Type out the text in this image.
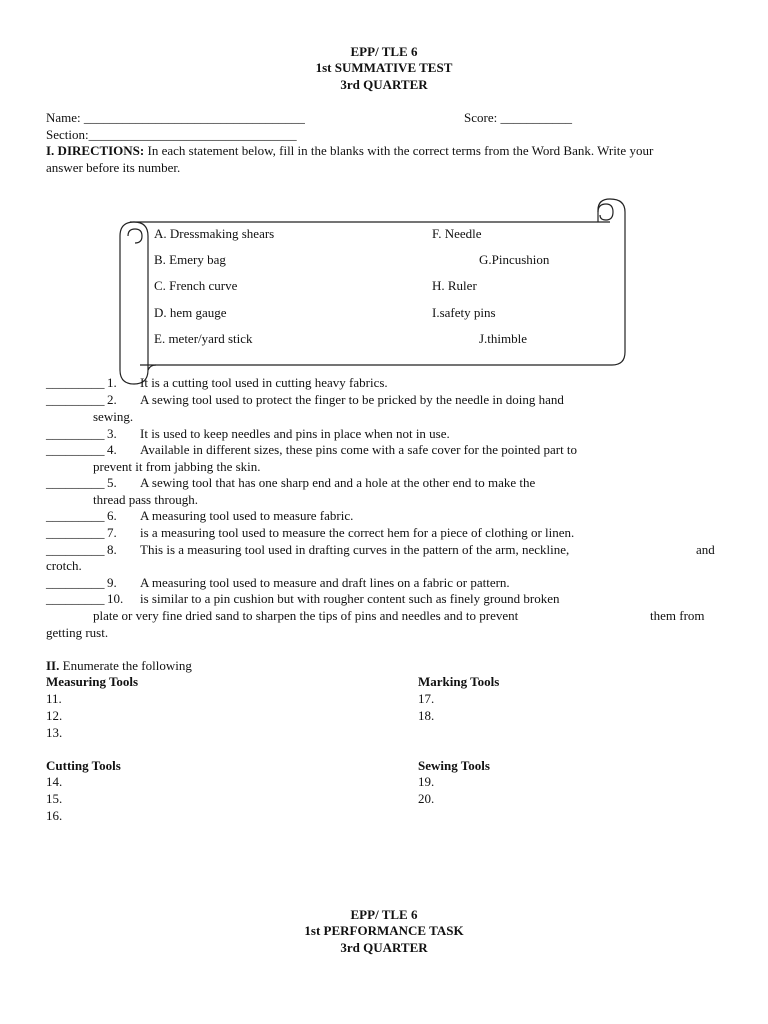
EPP/ TLE 6
1st SUMMATIVE TEST
3rd QUARTER
Name: __________________________________	Score: ___________
Section:________________________________
I. DIRECTIONS: In each statement below, fill in the blanks with the correct terms from the Word Bank. Write your
answer before its number.
A. Dressmaking shears
B. Emery bag
C. French curve
D. hem gauge
E. meter/yard stick
F. Needle
G.Pincushion
H. Ruler
I.safety pins
J.thimble
_________ 1. It is a cutting tool used in cutting heavy fabrics.
_________ 2. A sewing tool used to protect the finger to be pricked by the needle in doing hand
sewing.
_________ 3. It is used to keep needles and pins in place when not in use.
_________ 4. Available in different sizes, these pins come with a safe cover for the pointed part to
prevent it from jabbing the skin.
_________ 5. A sewing tool that has one sharp end and a hole at the other end to make the
thread pass through.
_________ 6. A measuring tool used to measure fabric.
_________ 7. is a measuring tool used to measure the correct hem for a piece of clothing or linen.
_________ 8. This is a measuring tool used in drafting curves in the pattern of the arm, neckline,	and
crotch.
_________ 9. A measuring tool used to measure and draft lines on a fabric or pattern.
_________ 10. is similar to a pin cushion but with rougher content such as finely ground broken
plate or very fine dried sand to sharpen the tips of pins and needles and to prevent	them from
getting rust.
II. Enumerate the following
Measuring Tools
11.
12.
13.
Marking Tools
17.
18.
Cutting Tools
14.
15.
16.
Sewing Tools
19.
20.
EPP/ TLE 6
1st PERFORMANCE TASK
3rd QUARTER
